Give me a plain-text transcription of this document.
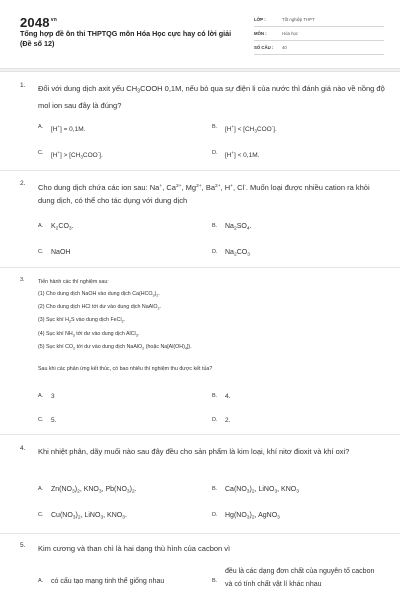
$2048^{vn}$
Tổng hợp đề ôn thi THPTQG môn Hóa Học cực hay có lời giải (Đề số 12)
LỚP :	Tốt nghiệp THPT
MÔN :	Hóa học
SỐ CÂU : 40
1. Đối với dung dịch axit yếu $CH_3COOH$ 0,1M, nếu bỏ qua sự điện li của nước thì đánh giá nào về nồng độ mol ion sau đây là đúng?
A. [H+] = 0,1M.	B. $[H^+] < [CH_3COO^-]$.
C. $[H^+] > [CH_3COO^-]$.	D. [H+] < 0,1M.
2. Cho dung dịch chứa các ion sau: Na+, $Ca^{2+}$, $Mg^{2+}$, $Ba^{2+}$, H+, Cl-. Muốn loại được nhiều cation ra khỏi dung dịch, có thể cho tác dụng với dung dịch
A. $K_2CO_3$.	B. $Na_2SO_4$.
C. NaOH	D. $Na_2CO_3$
3.	Tiến hành các thí nghiệm sau:
(1) Cho dung dịch NaOH vào dung dịch $Ca(HCO_3)_2$.
(2) Cho dung dịch HCl tới dư vào dung dịch NaAlO$_2$.
(3) Sục khí $H_2S$ vào dung dịch FeCl$_2$.
(4) Sục khí $NH_3$ tới dư vào dung dịch AlCl$_3$.
(5) Sục khí $CO_2$ tới dư vào dung dịch NaAlO$_2$ (hoặc $Na[Al(OH)_4]$).
Sau khi các phản ứng kết thúc, có bao nhiêu thí nghiệm thu được kết tủa?
A. 3	B. 4.
C. 5.	D. 2.
4. Khi nhiệt phân, dãy muối nào sau đây đều cho sản phẩm là kim loại, khí nitơ đioxit và khí oxi?
A. $Zn(NO_3)_2$, $KNO_3$, $Pb(NO_3)_2$.	B. $Ca(NO_3)_2$, LiNO$_3$, $KNO_3$
C. $Cu(NO_3)_2$, LiNO$_3$, $KNO_3$.	D. $Hg(NO_3)_2$, AgNO$_3$
5. Kim cương và than chì là hai dạng thù hình của cacbon vì
A. có cấu tạo mạng tinh thể giống nhau	B.
đều là các dạng đơn chất của nguyên tố cacbon và có tính chất vật lí khác nhau
